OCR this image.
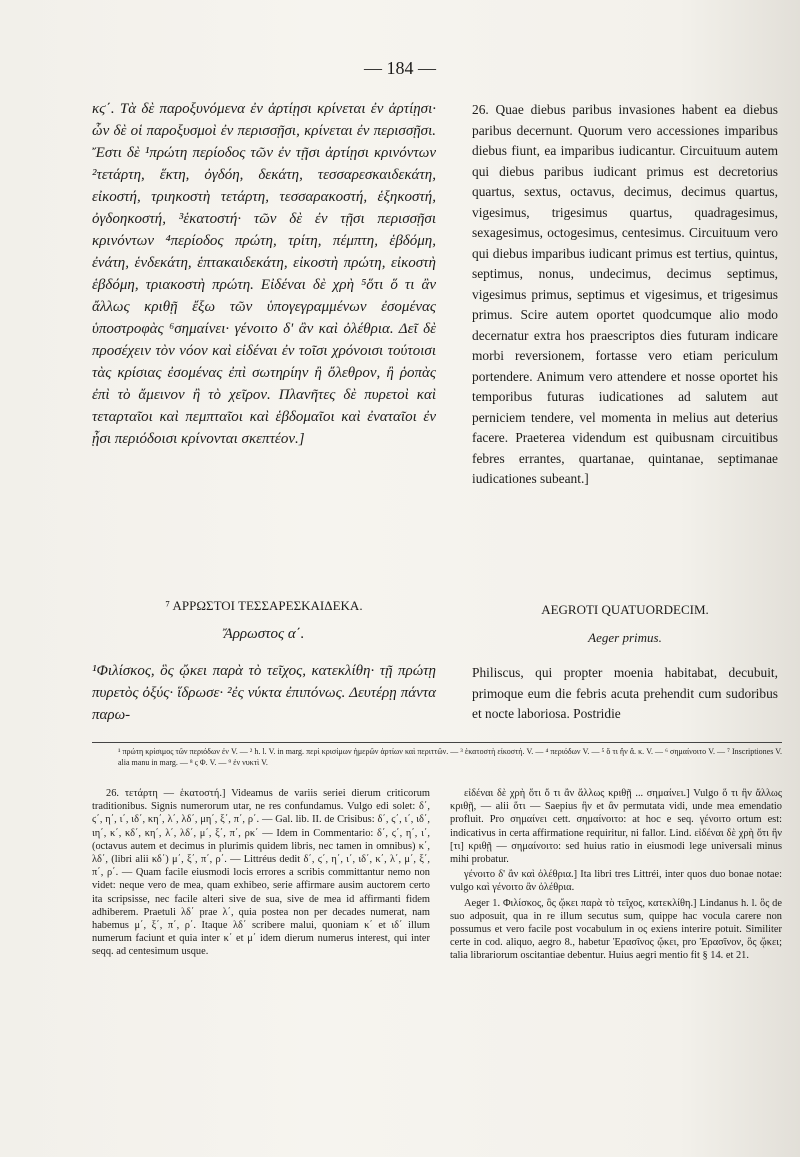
— 184 —

κϛ΄. Τὰ δὲ παροξυνόμενα ἐν ἀρτίῃσι κρίνεται ἐν ἀρτίῃσι· ὧν δὲ οἱ παροξυσμοὶ ἐν περισσῇσι, κρίνεται ἐν περισσῇσι. Ἔστι δὲ ¹πρώτη περίοδος τῶν ἐν τῇσι ἀρτίῃσι κρινόντων ²τετάρτη, ἕκτη, ὀγδόη, δεκάτη, τεσσαρεσκαιδεκάτη, εἰκοστή, τριηκοστὴ τετάρτη, τεσσαρακοστή, ἑξηκοστή, ὀγδοηκοστή, ³ἑκατοστή· τῶν δὲ ἐν τῇσι περισσῇσι κρινόντων ⁴περίοδος πρώτη, τρίτη, πέμπτη, ἑβδόμη, ἐνάτη, ἑνδεκάτη, ἑπτακαιδεκάτη, εἰκοστὴ πρώτη, εἰκοστὴ ἑβδόμη, τριακοστὴ πρώτη. Εἰδέναι δὲ χρὴ ⁵ὅτι ὅ τι ἂν ἄλλως κριθῇ ἔξω τῶν ὑπογεγραμμένων ἐσομένας ὑποστροφὰς ⁶σημαίνει· γένοιτο δ' ἂν καὶ ὀλέθρια. Δεῖ δὲ προσέχειν τὸν νόον καὶ εἰδέναι ἐν τοῖσι χρόνοισι τούτοισι τὰς κρίσιας ἐσομένας ἐπὶ σωτηρίην ἢ ὄλεθρον, ἢ ῥοπὰς ἐπὶ τὸ ἄμεινον ἢ τὸ χεῖρον. Πλανῆτες δὲ πυρετοὶ καὶ τεταρταῖοι καὶ πεμπταῖοι καὶ ἑβδομαῖοι καὶ ἐναταῖοι ἐν ᾗσι περιόδοισι κρίνονται σκεπτέον.]

26. Quae diebus paribus invasiones habent ea diebus paribus decernunt. Quorum vero accessiones imparibus diebus fiunt, ea imparibus iudicantur. Circuituum autem qui diebus paribus iudicant primus est decretorius quartus, sextus, octavus, decimus, decimus quartus, vigesimus, trigesimus quartus, quadragesimus, sexagesimus, octogesimus, centesimus. Circuituum vero qui diebus imparibus iudicant primus est tertius, quintus, septimus, nonus, undecimus, decimus septimus, vigesimus primus, septimus et vigesimus, et trigesimus primus. Scire autem oportet quodcumque alio modo decernatur extra hos praescriptos dies futuram indicare morbi reversionem, fortasse vero etiam periculum portendere. Animum vero attendere et nosse oportet his temporibus futuras iudicationes ad salutem aut perniciem tendere, vel momenta in melius aut deterius facere. Praeterea videndum est quibusnam circuitibus febres errantes, quartanae, quintanae, septimanae iudicationes subeant.]

⁷ ΑΡΡΩΣΤΟΙ ΤΕΣΣΑΡΕΣΚΑΙΔΕΚΑ.	AEGROTI QUATUORDECIM.
Ἄρρωστος α΄.	Aeger primus.

¹Φιλίσκος, ὃς ᾤκει παρὰ τὸ τεῖχος, κατεκλίθη· τῇ πρώτῃ πυρετὸς ὀξύς· ἵδρωσε· ²ἐς νύκτα ἐπιπόνως. Δευτέρῃ πάντα παρω-

Philiscus, qui propter moenia habitabat, decubuit, primoque eum die febris acuta prehendit cum sudoribus et nocte laboriosa. Postridie

¹ πρώτη κρίσιμος τῶν περιόδων ἐν V. — ² h. l. V. in marg. περὶ κρισίμων ἡμερῶν ἀρτίων καὶ περιττῶν. — ³ ἑκατοστὴ εἰκοστή. V. — ⁴ περιόδων V. — ⁵ ὅ τι ἢν ἄ. κ. V. — ⁶ σημαίνοιτο V. — ⁷ Inscriptiones V. alia manu in marg. — ⁸ ς Φ. V. — ⁹ ἐν νυκτὶ V.

26. τετάρτη — ἑκατοστή.] Videamus de variis seriei dierum criticorum traditionibus. Signis numerorum utar, ne res confundamus. Vulgo edi solet: δ΄, ϛ΄, η΄, ι΄, ιδ΄, κη΄, λ΄, λδ΄, μη΄, ξ΄, π΄, ρ΄. — Gal. lib. II. de Crisibus: δ΄, ϛ΄, ι΄, ιδ΄, ιη΄, κ΄, κδ΄, κη΄, λ΄, λδ΄, μ΄, ξ΄, π΄, ρκ΄ — Idem in Commentario: δ΄, ϛ΄, η΄, ι΄, (octavus autem et decimus in plurimis quidem libris, nec tamen in omnibus) κ΄, λδ΄, (libri alii κδ΄) μ΄, ξ΄, π΄, ρ΄. — Littréus dedit δ΄, ϛ΄, η΄, ι΄, ιδ΄, κ΄, λ΄, μ΄, ξ΄, π΄, ρ΄. — Quam facile eiusmodi locis errores a scribis committantur nemo non videt: neque vero de mea, quam exhibeo, serie affirmare ausim auctorem certo ita scripsisse, nec facile alteri sive de sua, sive de mea id affirmanti fidem adhiberem. Praetuli λδ΄ prae λ΄, quia postea non per decades numerat, nam habemus μ΄, ξ΄, π΄, ρ΄. Itaque λδ΄ scribere malui, quoniam κ΄ et ιδ΄ illum numerum faciunt et quia inter κ΄ et μ΄ idem dierum numerus interest, qui inter seqq. ad centesimum usque.

εἰδέναι δὲ χρὴ ὅτι ὅ τι ἂν ἄλλως κριθῇ ... σημαίνει.] Vulgo ὅ τι ἢν ἄλλως κριθῇ, — alii ὅτι — Saepius ἢν et ἂν permutata vidi, unde mea emendatio profluit. Pro σημαίνει cett. σημαίνοιτο: at hoc e seq. γένοιτο ortum est: indicativus in certa affirmatione requiritur, ni fallor. Lind. εἰδέναι δὲ χρὴ ὅτι ἢν [τι] κριθῇ — σημαίνοιτο: sed huius ratio in eiusmodi lege universali minus mihi probatur.

γένοιτο δ' ἂν καὶ ὀλέθρια.] Ita libri tres Littréi, inter quos duo bonae notae: vulgo καὶ γένοιτο ἂν ὀλέθρια.

Aeger 1. Φιλίσκος, ὃς ᾤκει παρὰ τὸ τεῖχος, κατεκλίθη.] Lindanus h. l. ὃς de suo adposuit, qua in re illum secutus sum, quippe hac vocula carere non possumus et vero facile post vocabulum in ος exiens interire potuit. Similiter certe in cod. aliquo, aegro 8., habetur Ἐρασῖνος ᾤκει, pro Ἐρασῖνον, ὃς ᾤκει; talia librariorum oscitantiae debentur. Huius aegri mentio fit § 14. et 21.
